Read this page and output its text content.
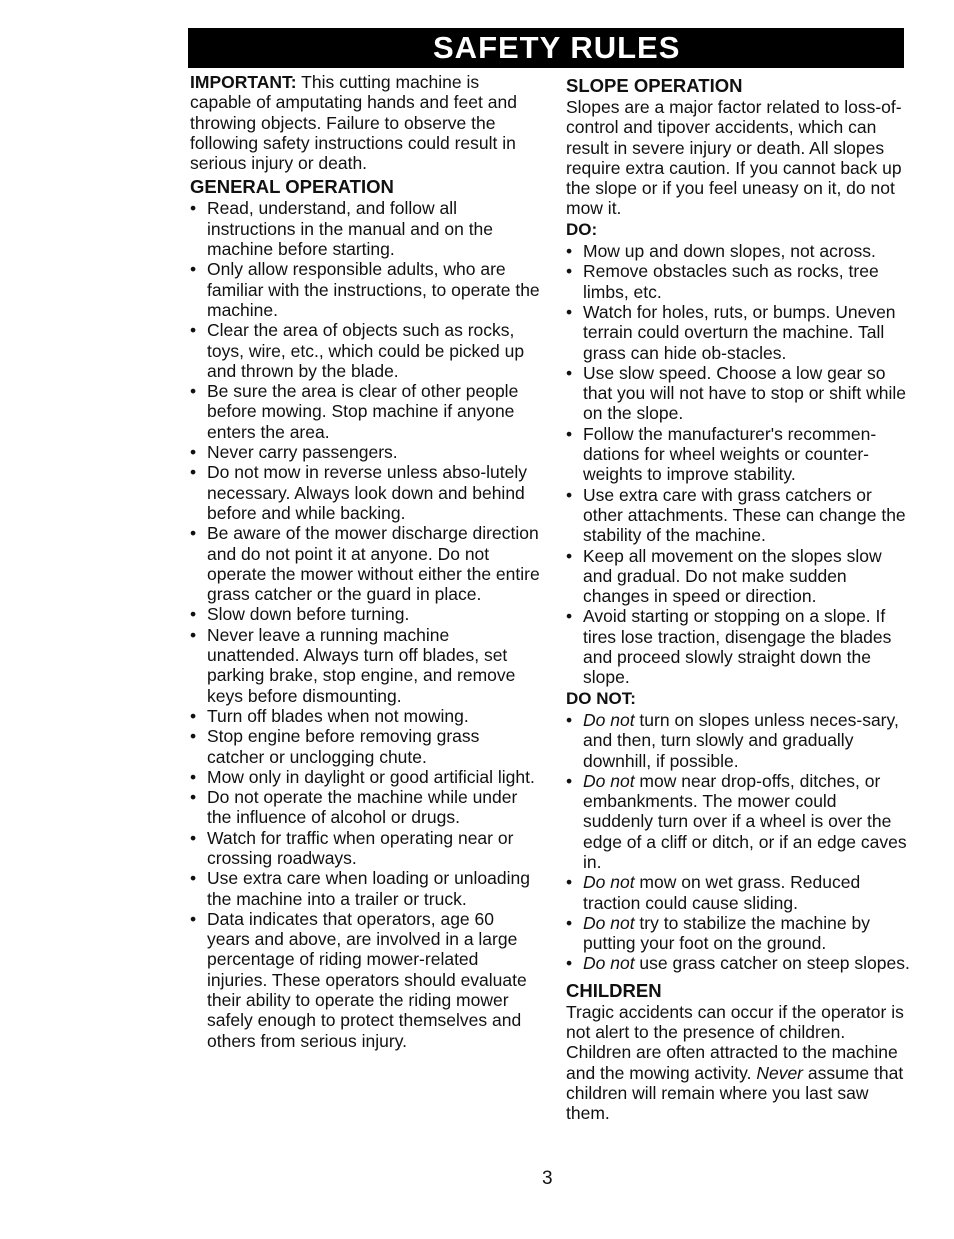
SAFETY RULES

IMPORTANT: This cutting machine is capable of amputating hands and feet and throwing objects. Failure to observe the following safety instructions could result in serious injury or death.

GENERAL OPERATION

• Read, understand, and follow all instructions in the manual and on the machine before starting.
• Only allow responsible adults, who are familiar with the instructions, to operate the machine.
• Clear the area of objects such as rocks, toys, wire, etc., which could be picked up and thrown by the blade.
• Be sure the area is clear of other people before mowing. Stop machine if anyone enters the area.
• Never carry passengers.
• Do not mow in reverse unless abso-lutely necessary. Always look down and behind before and while backing.
• Be aware of the mower discharge direction and do not point it at anyone. Do not operate the mower without either the entire grass catcher or the guard in place.
• Slow down before turning.
• Never leave a running machine unattended. Always turn off blades, set parking brake, stop engine, and remove keys before dismounting.
• Turn off blades when not mowing.
• Stop engine before removing grass catcher or unclogging chute.
• Mow only in daylight or good artificial light.
• Do not operate the machine while under the influence of alcohol or drugs.
• Watch for traffic when operating near or crossing roadways.
• Use extra care when loading or unloading the machine into a trailer or truck.
• Data indicates that operators, age 60 years and above, are involved in a large percentage of riding mower-related injuries. These operators should evaluate their ability to operate the riding mower safely enough to protect themselves and others from serious injury.

SLOPE OPERATION

Slopes are a major factor related to loss-of-control and tipover accidents, which can result in severe injury or death. All slopes require extra caution. If you cannot back up the slope or if you feel uneasy on it, do not mow it.

DO:

• Mow up and down slopes, not across.
• Remove obstacles such as rocks, tree limbs, etc.
• Watch for holes, ruts, or bumps. Uneven terrain could overturn the machine. Tall grass can hide ob-stacles.
• Use slow speed. Choose a low gear so that you will not have to stop or shift while on the slope.
• Follow the manufacturer's recommen-dations for wheel weights or counter-weights to improve stability.
• Use extra care with grass catchers or other attachments. These can change the stability of the machine.
• Keep all movement on the slopes slow and gradual. Do not make sudden changes in speed or direction.
• Avoid starting or stopping on a slope. If tires lose traction, disengage the blades and proceed slowly straight down the slope.

DO NOT:

• Do not turn on slopes unless neces-sary, and then, turn slowly and gradually downhill, if possible.
• Do not mow near drop-offs, ditches, or embankments. The mower could suddenly turn over if a wheel is over the edge of a cliff or ditch, or if an edge caves in.
• Do not mow on wet grass. Reduced traction could cause sliding.
• Do not try to stabilize the machine by putting your foot on the ground.
• Do not use grass catcher on steep slopes.

CHILDREN

Tragic accidents can occur if the operator is not alert to the presence of children. Children are often attracted to the machine and the mowing activity. Never assume that children will remain where you last saw them.

3
